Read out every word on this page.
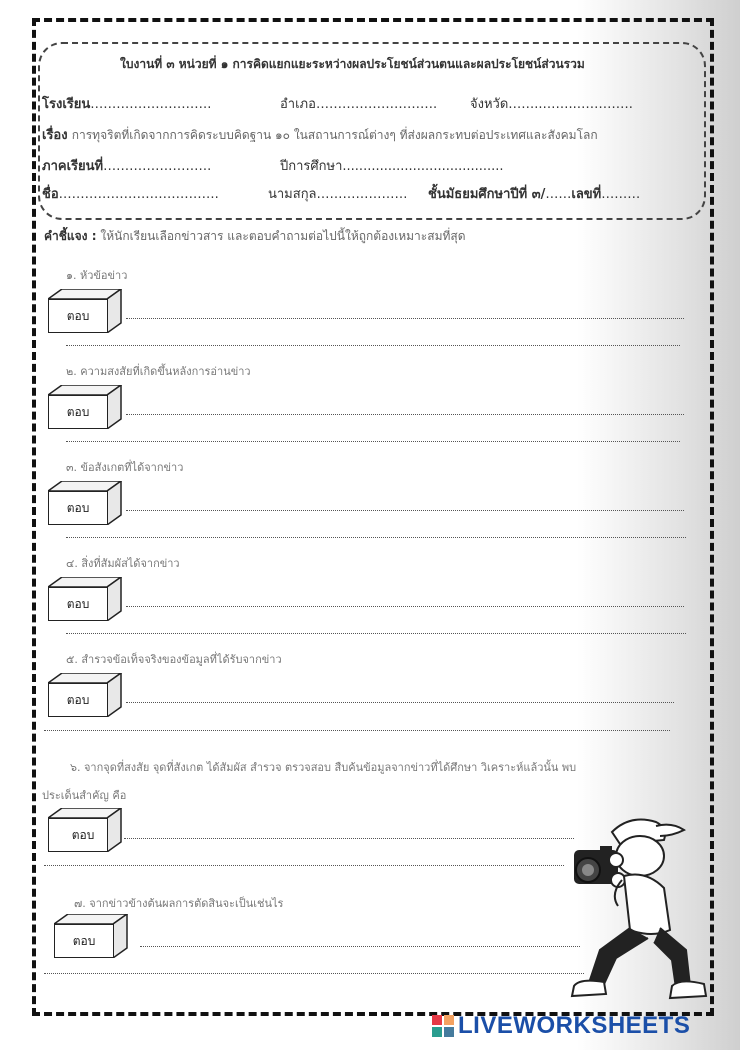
ใบงานที่ ๓ หน่วยที่ ๑ การคิดแยกแยะระหว่างผลประโยชน์ส่วนตนและผลประโยชน์ส่วนรวม
โรงเรียน……………………….	อำเภอ……………………….	จังหวัด……..……..………….
เรื่อง การทุจริตที่เกิดจากการคิดระบบคิดฐาน ๑๐ ในสถานการณ์ต่างๆ ที่ส่งผลกระทบต่อประเทศและสังคมโลก
ภาคเรียนที่…………………….	ปีการศึกษา.......................................
ชื่อ……………………………….	นามสกุล………………… ชั้นมัธยมศึกษาปีที่ ๓/……เลขที่………
คำชี้แจง : ให้นักเรียนเลือกข่าวสาร และตอบคำถามต่อไปนี้ให้ถูกต้องเหมาะสมที่สุด
๑. หัวข้อข่าว
ตอบ
๒. ความสงสัยที่เกิดขึ้นหลังการอ่านข่าว
ตอบ
๓. ข้อสังเกตที่ได้จากข่าว
ตอบ
๔. สิ่งที่สัมผัสได้จากข่าว
ตอบ
๕. สำรวจข้อเท็จจริงของข้อมูลที่ได้รับจากข่าว
ตอบ
๖. จากจุดที่สงสัย จุดที่สังเกต ได้สัมผัส สำรวจ ตรวจสอบ สืบค้นข้อมูลจากข่าวที่ได้ศึกษา วิเคราะห์แล้วนั้น พบ
ประเด็นสำคัญ คือ
ตอบ
๗. จากข่าวข้างต้นผลการตัดสินจะเป็นเช่นไร
ตอบ
LIVEWORKSHEETS
